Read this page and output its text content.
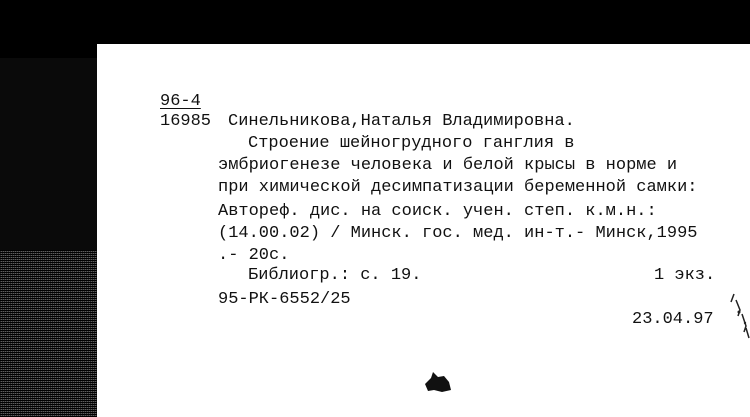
96-4
16985 Синельникова,Наталья Владимировна.
Строение шейногрудного ганглия в
эмбриогенезе человека и белой крысы в норме и
при химической десимпатизации беременной самки:
Автореф. дис. на соиск. учен. степ. к.м.н.:
(14.00.02) / Минск. гос. мед. ин-т.- Минск,1995
.- 20с.
Библиогр.: с. 19.	1 экз.
95-РК-6552/25
23.04.97
